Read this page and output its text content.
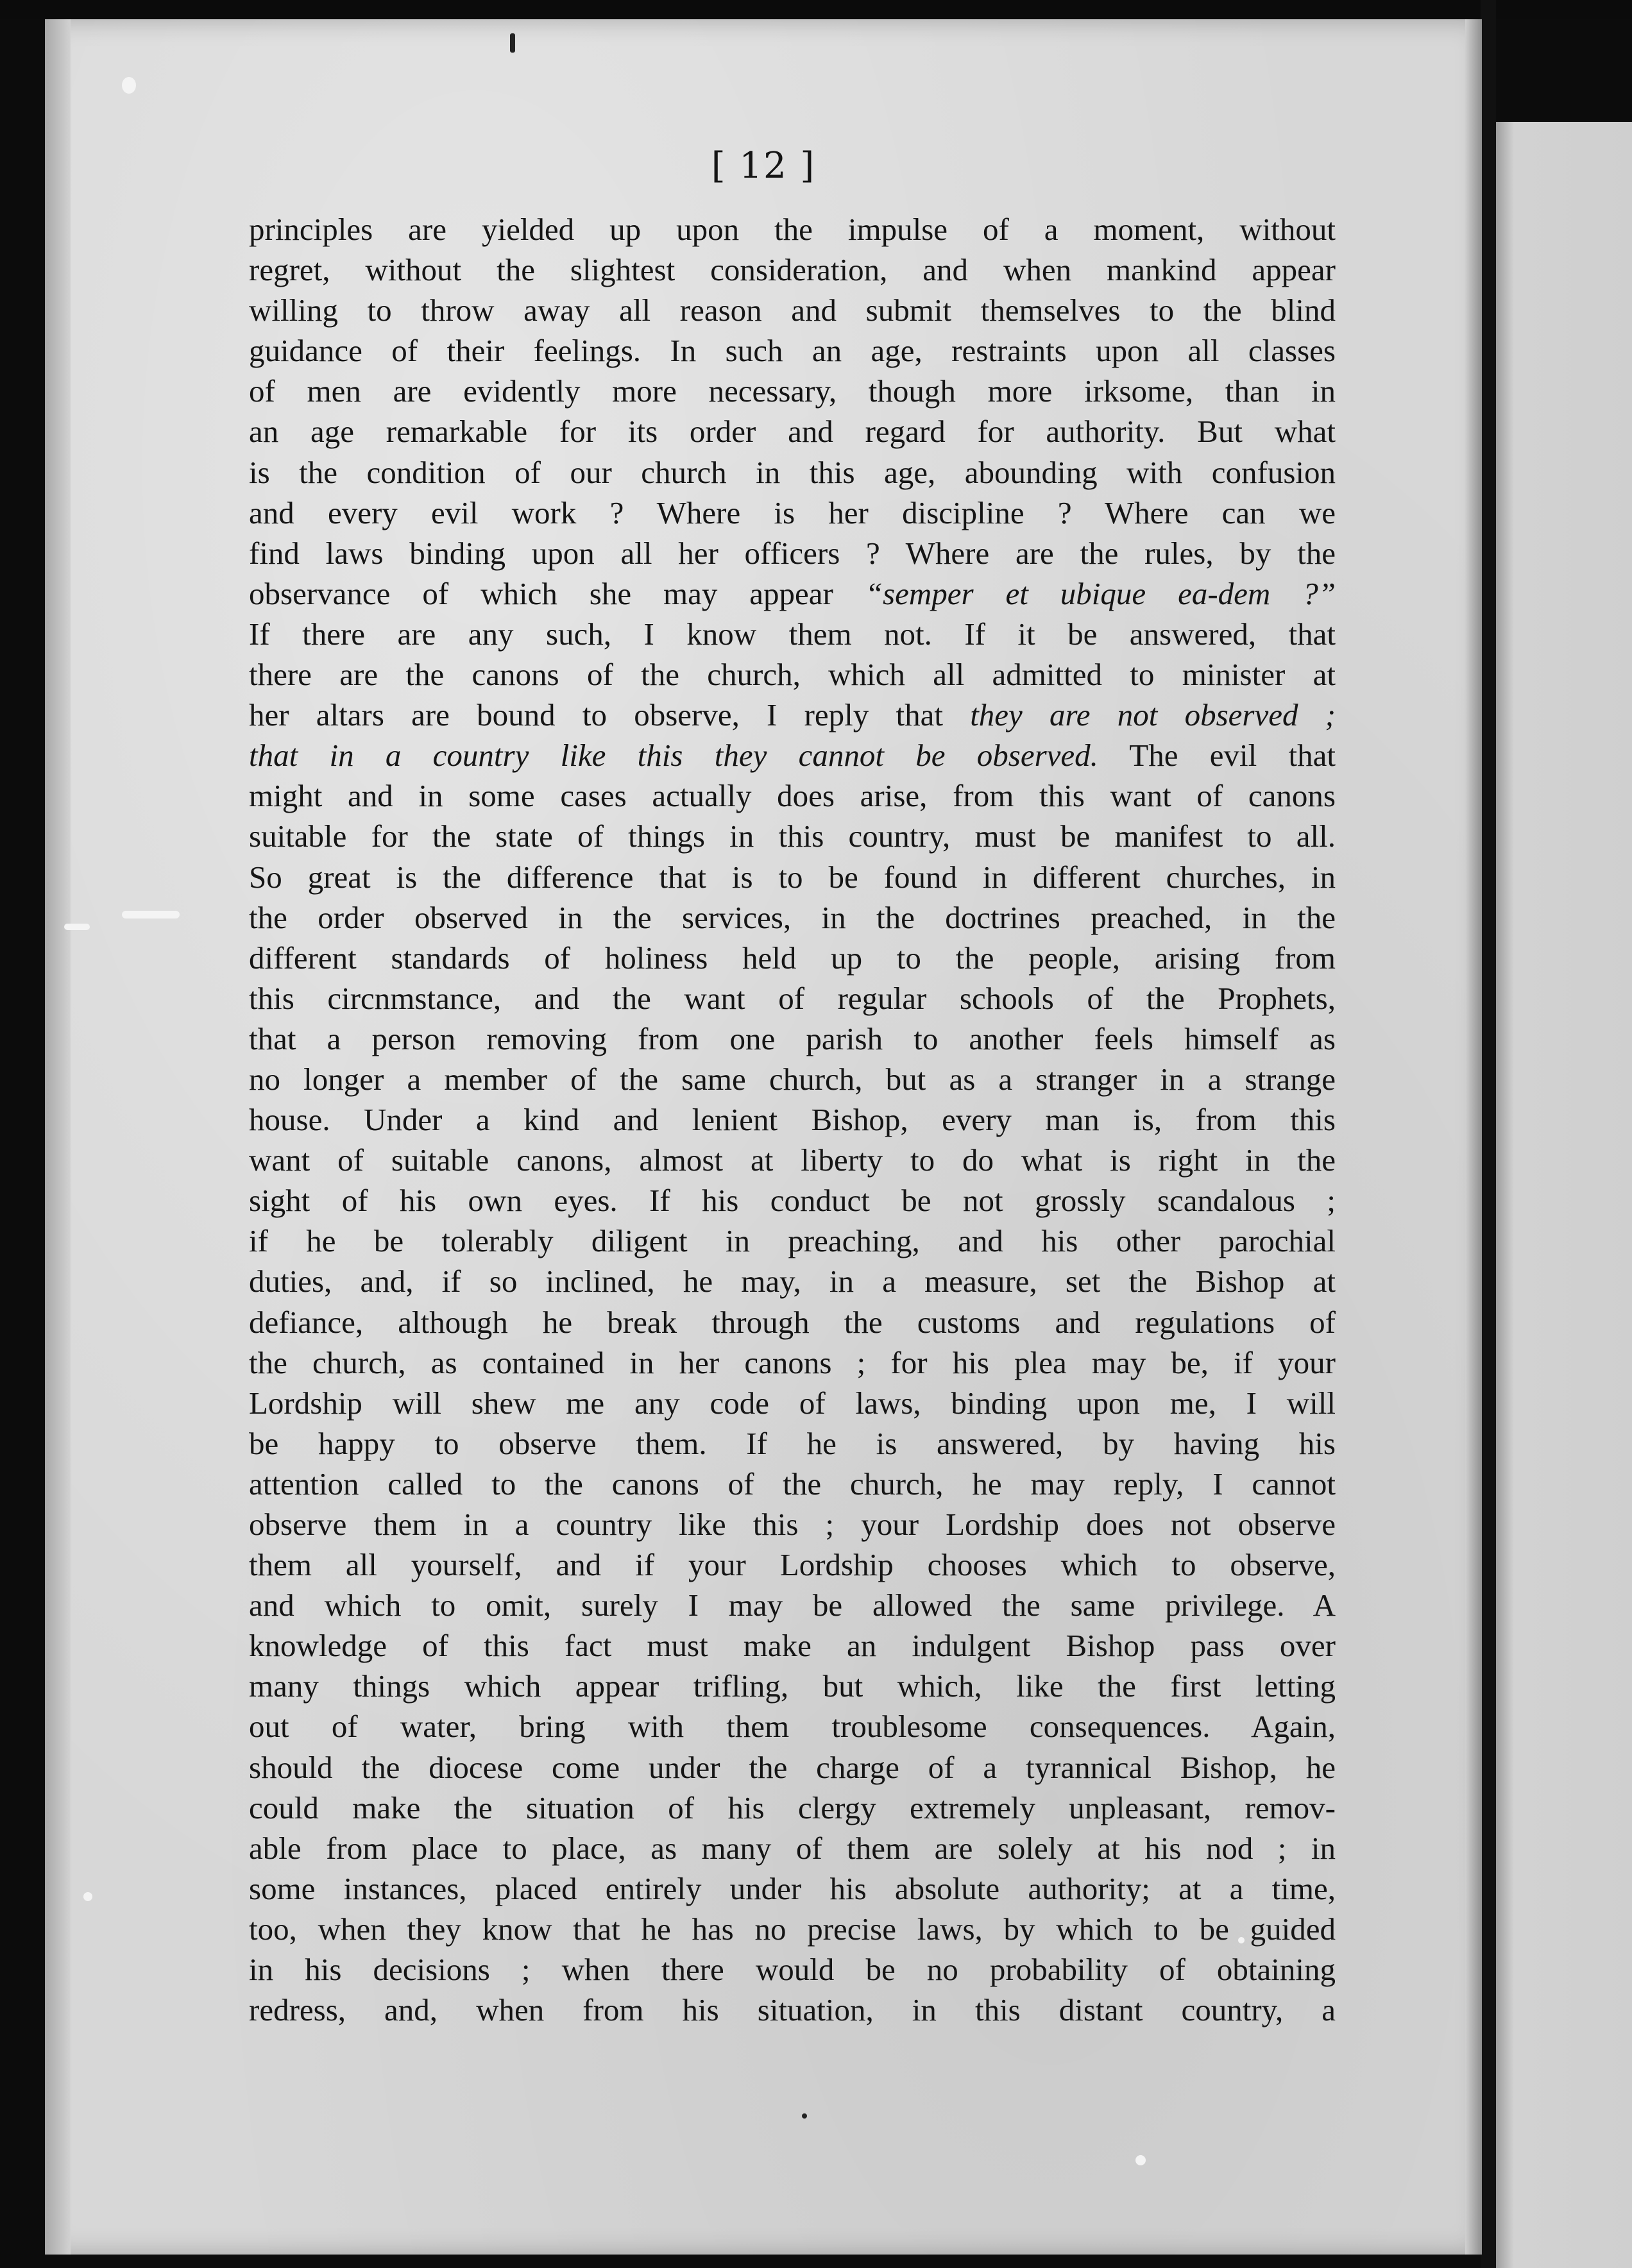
[ 12 ]
principles are yielded up upon the impulse of a moment, without
regret, without the slightest consideration, and when mankind appear
willing to throw away all reason and submit themselves to the blind
guidance of their feelings. In such an age, restraints upon all classes
of men are evidently more necessary, though more irksome, than in
an age remarkable for its order and regard for authority. But what
is the condition of our church in this age, abounding with confusion
and every evil work ? Where is her discipline ? Where can we
find laws binding upon all her officers ? Where are the rules, by the
observance of which she may appear “semper et ubique ea-dem ?”
If there are any such, I know them not. If it be answered, that
there are the canons of the church, which all admitted to minister at
her altars are bound to observe, I reply that they are not observed ;
that in a country like this they cannot be observed. The evil that
might and in some cases actually does arise, from this want of canons
suitable for the state of things in this country, must be manifest to all.
So great is the difference that is to be found in different churches, in
the order observed in the services, in the doctrines preached, in the
different standards of holiness held up to the people, arising from
this circnmstance, and the want of regular schools of the Prophets,
that a person removing from one parish to another feels himself as
no longer a member of the same church, but as a stranger in a strange
house. Under a kind and lenient Bishop, every man is, from this
want of suitable canons, almost at liberty to do what is right in the
sight of his own eyes. If his conduct be not grossly scandalous ;
if he be tolerably diligent in preaching, and his other parochial
duties, and, if so inclined, he may, in a measure, set the Bishop at
defiance, although he break through the customs and regulations of
the church, as contained in her canons ; for his plea may be, if your
Lordship will shew me any code of laws, binding upon me, I will
be happy to observe them. If he is answered, by having his
attention called to the canons of the church, he may reply, I cannot
observe them in a country like this ; your Lordship does not observe
them all yourself, and if your Lordship chooses which to observe,
and which to omit, surely I may be allowed the same privilege. A
knowledge of this fact must make an indulgent Bishop pass over
many things which appear trifling, but which, like the first letting
out of water, bring with them troublesome consequences. Again,
should the diocese come under the charge of a tyrannical Bishop, he
could make the situation of his clergy extremely unpleasant, remov-
able from place to place, as many of them are solely at his nod ; in
some instances, placed entirely under his absolute authority; at a time,
too, when they know that he has no precise laws, by which to be guided
in his decisions ; when there would be no probability of obtaining
redress, and, when from his situation, in this distant country, a
